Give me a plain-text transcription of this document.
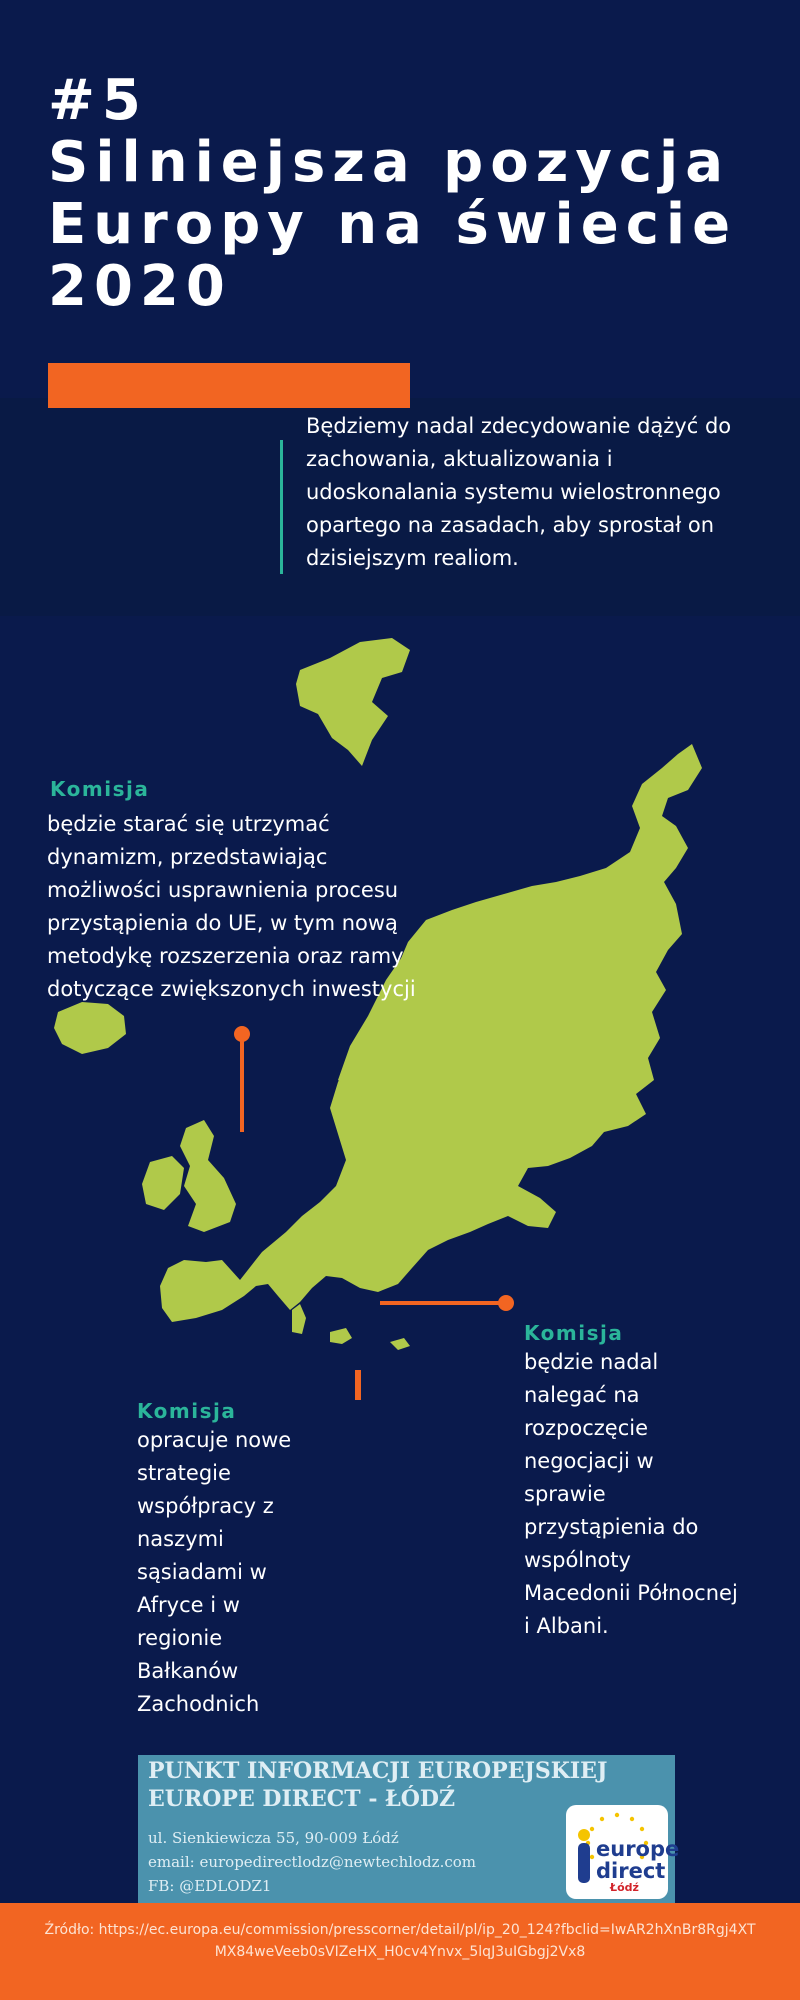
#5
Silniejsza pozycja
Europy na świecie
2020
Będziemy nadal zdecydowanie dążyć do zachowania, aktualizowania i udoskonalania systemu wielostronnego opartego na zasadach, aby sprostał on dzisiejszym realiom.
Komisja
będzie starać się utrzymać dynamizm, przedstawiając możliwości usprawnienia procesu przystąpienia do UE, w tym nową metodykę rozszerzenia oraz ramy dotyczące zwiększonych inwestycji
Komisja
będzie nadal nalegać na rozpoczęcie negocjacji w sprawie przystąpienia do wspólnoty Macedonii Północnej i Albani.
Komisja
opracuje nowe strategie współpracy z naszymi sąsiadami w Afryce i w regionie Bałkanów Zachodnich
PUNKT INFORMACJI EUROPEJSKIEJ
EUROPE DIRECT - ŁÓDŹ
ul. Sienkiewicza 55, 90-009 Łódź
email: europedirectlodz@newtechlodz.com
FB: @EDLODZ1
europe
direct
Łódź
Źródło: https://ec.europa.eu/commission/presscorner/detail/pl/ip_20_124?fbclid=IwAR2hXnBr8Rgj4XTMX84weVeeb0sVIZeHX_H0cv4Ynvx_5lqJ3uIGbgj2Vx8
